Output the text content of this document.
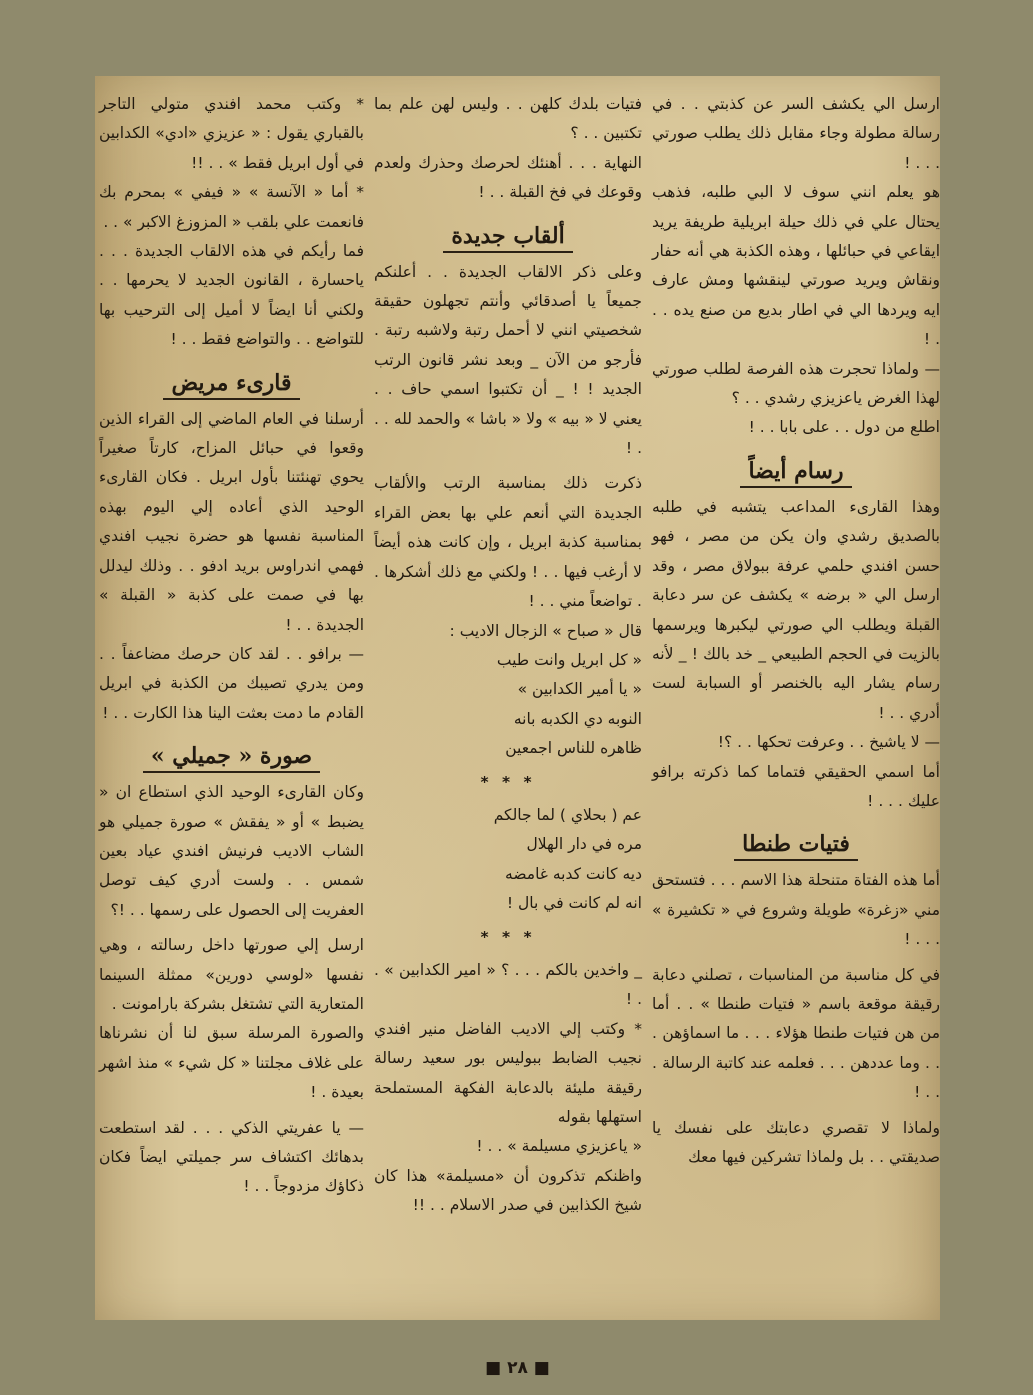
ارسل الي يكشف السر عن كذبتي . . في رسالة مطولة وجاء مقابل ذلك يطلب صورتي . . . !

هو يعلم انني سوف لا البي طلبه، فذهب يحتال علي في ذلك حيلة ابريلية طريفة يريد ايقاعي في حبائلها ، وهذه الكذبة هي أنه حفار ونقاش ويريد صورتي لينقشها ومش عارف ايه ويردها الي في اطار بديع من صنع يده . . . !

— ولماذا تحجرت هذه الفرصة لطلب صورتي لهذا الغرض ياعزيزي رشدي . . ؟

اطلع من دول . . على بابا . . !

رسام أيضاً

وهذا القارىء المداعب يتشبه في طلبه بالصديق رشدي وان يكن من مصر ، فهو حسن افندي حلمي عرفة ببولاق مصر ، وقد ارسل الي « برضه » يكشف عن سر دعابة القبلة ويطلب الي صورتي ليكبرها ويرسمها بالزيت في الحجم الطبيعي _ خد بالك ! _ لأنه رسام يشار اليه بالخنصر أو السبابة لست أدري . . !

— لا ياشيخ . . وعرفت تحكها . . ؟!

أما اسمي الحقيقي فتماما كما ذكرته برافو عليك . . . !

فتيات طنطا

أما هذه الفتاة متنحلة هذا الاسم . . . فتستحق مني «زغرة» طويلة وشروع في « تكشيرة » . . . !

في كل مناسبة من المناسبات ، تصلني دعابة رقيقة موقعة باسم « فتيات طنطا » . . أما من هن فتيات طنطا هؤلاء . . . ما اسماؤهن . . . وما عددهن . . . فعلمه عند كاتبة الرسالة . . . !

ولماذا لا تقصري دعابتك على نفسك يا صديقتي . . بل ولماذا تشركين فيها معك

فتيات بلدك كلهن . . وليس لهن علم بما تكتبين . . ؟

النهاية . . . أهنئك لحرصك وحذرك ولعدم وقوعك في فخ القبلة . . !

ألقاب جديدة

وعلى ذكر الالقاب الجديدة . . أعلنكم جميعاً يا أصدقائي وأنتم تجهلون حقيقة شخصيتي انني لا أحمل رتبة ولاشبه رتبة . فأرجو من الآن _ وبعد نشر قانون الرتب الجديد ! ! _ أن تكتبوا اسمي حاف . . يعني لا « بيه » ولا « باشا » والحمد لله . . . !

ذكرت ذلك بمناسبة الرتب والألقاب الجديدة التي أنعم علي بها بعض القراء بمناسبة كذبة ابريل ، وإن كانت هذه أيضاً لا أرغب فيها . . ! ولكني مع ذلك أشكرها . . تواضعاً مني . . !

قال « صباح » الزجال الاديب :

« كل ابريل وانت طيب

« يا أمير الكدابين »

النوبه دي الكدبه بانه

ظاهره للناس اجمعين

* * *

عم ( بحلاي ) لما جالكم

مره في دار الهلال

ديه كانت كدبه غامضه

انه لم كانت في بال !

* * *

_ واخدين بالكم . . . ؟ « امير الكدابين » . . !

* وكتب إلي الاديب الفاضل منير افندي نجيب الضابط ببوليس بور سعيد رسالة رقيقة مليئة بالدعابة الفكهة المستملحة استهلها بقوله

« ياعزيزي مسيلمة » . . !

واظنكم تذكرون أن «مسيلمة» هذا كان شيخ الكذابين في صدر الاسلام . . !!

* وكتب محمد افندي متولي التاجر بالقباري يقول : « عزيزي «ادي» الكدابين في أول ابريل فقط » . . !!

* أما « الآنسة » « فيفي » بمحرم بك فانعمت علي بلقب « المزوزغ الاكبر » . .

فما رأيكم في هذه الالقاب الجديدة . . . ياحسارة ، القانون الجديد لا يحرمها . . ولكني أنا ايضاً لا أميل إلى الترحيب بها للتواضع . . والتواضع فقط . . !

قارىء مريض

أرسلنا في العام الماضي إلى القراء الذين وقعوا في حبائل المزاح، كارتاً صغيراً يحوي تهنئتنا بأول ابريل . فكان القارىء الوحيد الذي أعاده إلي اليوم بهذه المناسبة نفسها هو حضرة نجيب افندي فهمي اندراوس بريد ادفو . . وذلك ليدلل بها في صمت على كذبة « القبلة » الجديدة . . !

— برافو . . لقد كان حرصك مضاعفاً . . ومن يدري تصيبك من الكذبة في ابريل القادم ما دمت بعثت الينا هذا الكارت . . !

صورة « جميلي »

وكان القارىء الوحيد الذي استطاع ان « يضبط » أو « يفقش » صورة جميلي هو الشاب الاديب فرنيش افندي عياد بعين شمس . . ولست أدري كيف توصل العفريت إلى الحصول على رسمها . . !؟

ارسل إلي صورتها داخل رسالته ، وهي نفسها «لوسي دورين» ممثلة السينما المتعارية التي تشتغل بشركة بارامونت .

والصورة المرسلة سبق لنا أن نشرناها على غلاف مجلتنا « كل شيء » منذ اشهر بعيدة . !

— يا عفريتي الذكي . . . لقد استطعت بدهائك اكتشاف سر جميلتي ايضاً فكان ذكاؤك مزدوجاً . . !

■ ٢٨ ■
